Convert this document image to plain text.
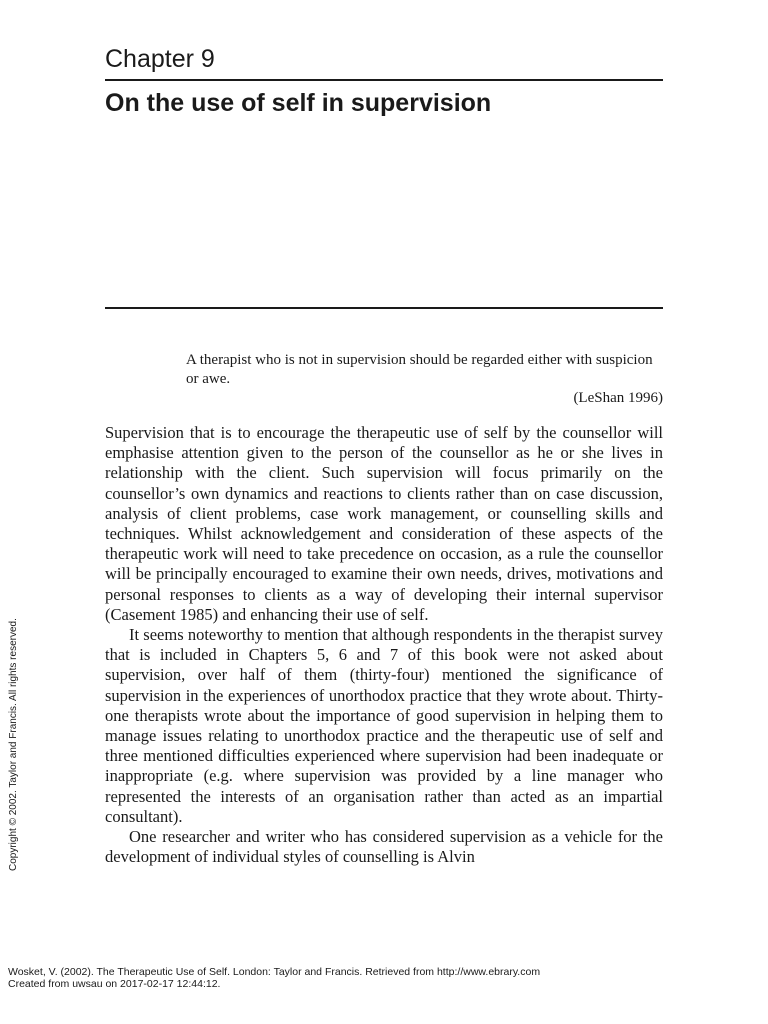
Chapter 9
On the use of self in supervision

A therapist who is not in supervision should be regarded either with suspicion or awe.

(LeShan 1996)

Supervision that is to encourage the therapeutic use of self by the counsellor will emphasise attention given to the person of the counsellor as he or she lives in relationship with the client. Such supervision will focus primarily on the counsellor’s own dynamics and reactions to clients rather than on case discussion, analysis of client problems, case work management, or counselling skills and techniques. Whilst acknowledgement and consideration of these aspects of the therapeutic work will need to take precedence on occasion, as a rule the counsellor will be principally encouraged to examine their own needs, drives, motivations and personal responses to clients as a way of developing their internal supervisor (Casement 1985) and enhancing their use of self.

It seems noteworthy to mention that although respondents in the therapist survey that is included in Chapters 5, 6 and 7 of this book were not asked about supervision, over half of them (thirty-four) mentioned the significance of supervision in the experiences of unorthodox practice that they wrote about. Thirty-one therapists wrote about the importance of good supervision in helping them to manage issues relating to unorthodox practice and the therapeutic use of self and three mentioned difficulties experienced where supervision had been inadequate or inappropriate (e.g. where supervision was provided by a line manager who represented the interests of an organisation rather than acted as an impartial consultant).

One researcher and writer who has considered supervision as a vehicle for the development of individual styles of counselling is Alvin

Copyright © 2002. Taylor and Francis. All rights reserved.
Wosket, V. (2002). The Therapeutic Use of Self. London: Taylor and Francis. Retrieved from http://www.ebrary.com
Created from uwsau on 2017-02-17 12:44:12.
